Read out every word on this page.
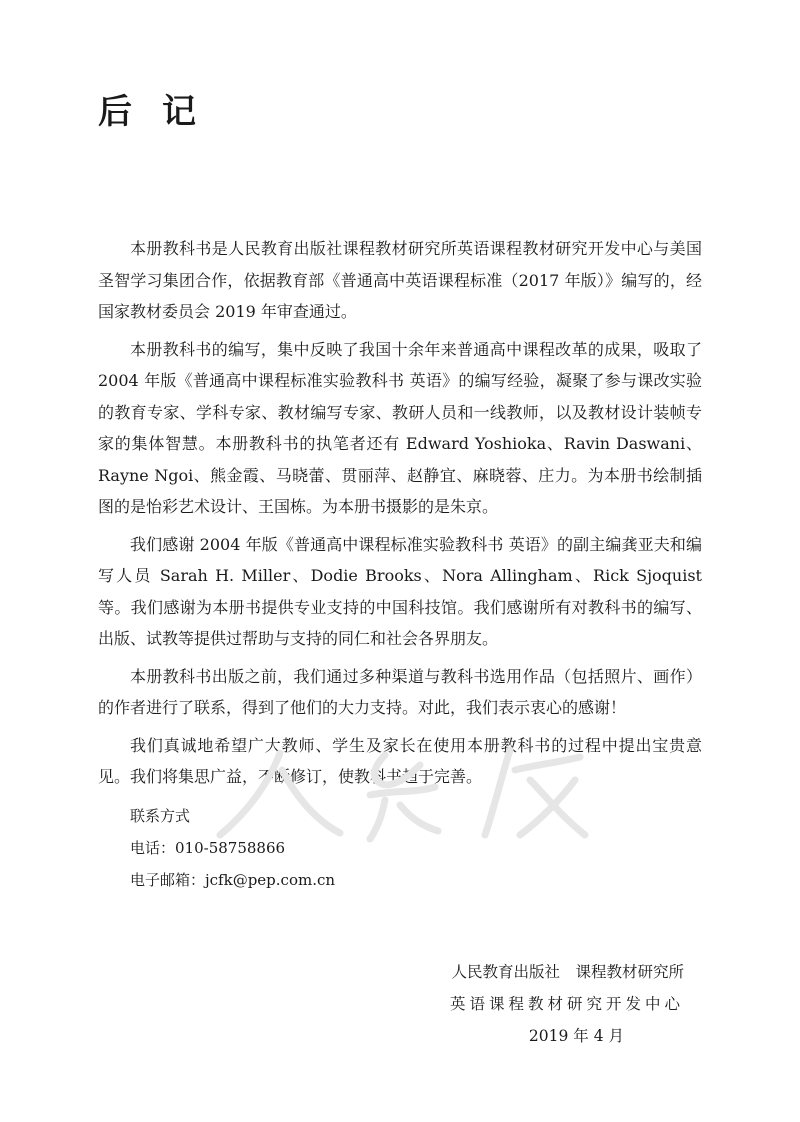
后记

本册教科书是人民教育出版社课程教材研究所英语课程教材研究开发中心与美国圣智学习集团合作，依据教育部《普通高中英语课程标准（2017 年版）》编写的，经国家教材委员会 2019 年审查通过。

本册教科书的编写，集中反映了我国十余年来普通高中课程改革的成果，吸取了 2004 年版《普通高中课程标准实验教科书 英语》的编写经验，凝聚了参与课改实验的教育专家、学科专家、教材编写专家、教研人员和一线教师，以及教材设计装帧专家的集体智慧。本册教科书的执笔者还有 Edward Yoshioka、Ravin Daswani、Rayne Ngoi、熊金霞、马晓蕾、贯丽萍、赵静宜、麻晓蓉、庄力。为本册书绘制插图的是怡彩艺术设计、王国栋。为本册书摄影的是朱京。

我们感谢 2004 年版《普通高中课程标准实验教科书 英语》的副主编龚亚夫和编写人员 Sarah H. Miller、Dodie Brooks、Nora Allingham、Rick Sjoquist 等。我们感谢为本册书提供专业支持的中国科技馆。我们感谢所有对教科书的编写、出版、试教等提供过帮助与支持的同仁和社会各界朋友。

本册教科书出版之前，我们通过多种渠道与教科书选用作品（包括照片、画作）的作者进行了联系，得到了他们的大力支持。对此，我们表示衷心的感谢！

我们真诚地希望广大教师、学生及家长在使用本册教科书的过程中提出宝贵意见。我们将集思广益，不断修订，使教科书趋于完善。

联系方式
电话：010-58758866
电子邮箱：jcfk@pep.com.cn
人民教育出版社　课程教材研究所
英语课程教材研究开发中心
2019 年 4 月
